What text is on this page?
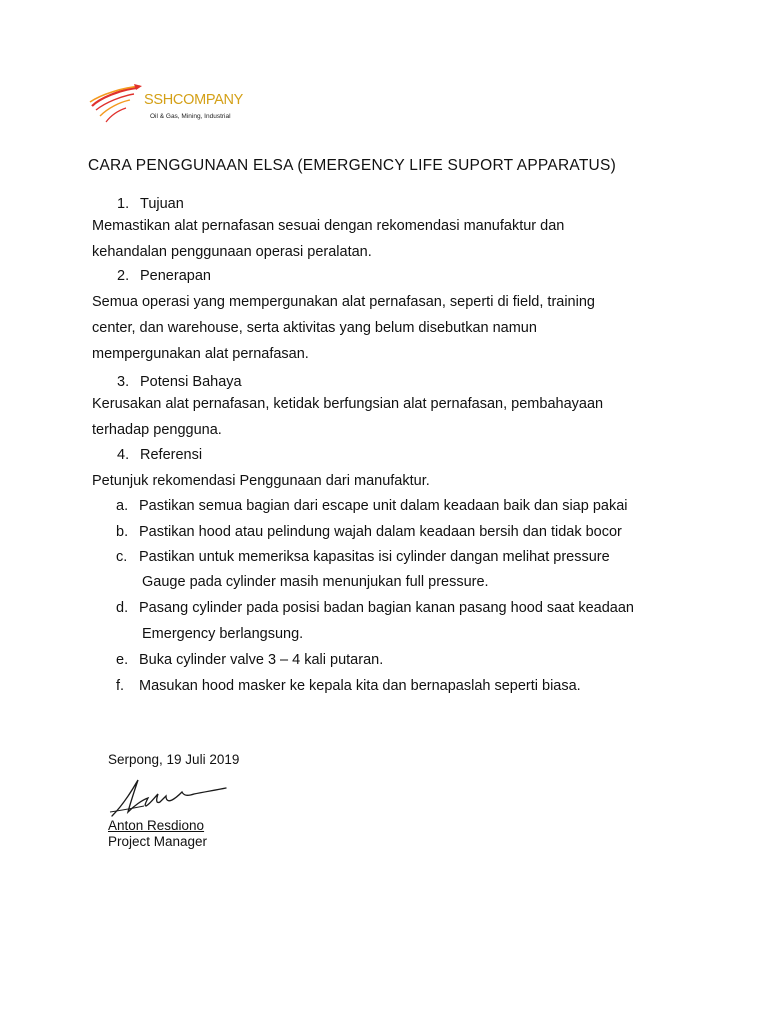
SSHCOMPANY
Oil & Gas, Mining, Industrial
CARA PENGGUNAAN ELSA (EMERGENCY LIFE SUPORT APPARATUS)
1. Tujuan
Memastikan alat pernafasan sesuai dengan rekomendasi manufaktur dan
kehandalan penggunaan operasi peralatan.
2. Penerapan
Semua operasi yang mempergunakan alat pernafasan, seperti di field, training
center, dan warehouse, serta aktivitas yang belum disebutkan namun
mempergunakan alat pernafasan.
3. Potensi Bahaya
Kerusakan alat pernafasan, ketidak berfungsian alat pernafasan, pembahayaan
terhadap pengguna.
4. Referensi
Petunjuk rekomendasi Penggunaan dari manufaktur.
a. Pastikan semua bagian dari escape unit dalam keadaan baik dan siap pakai
b. Pastikan hood atau pelindung wajah dalam keadaan bersih dan tidak bocor
c. Pastikan untuk memeriksa kapasitas isi cylinder dangan melihat pressure
Gauge pada cylinder masih menunjukan full pressure.
d. Pasang cylinder pada posisi badan bagian kanan pasang hood saat keadaan
Emergency berlangsung.
e. Buka cylinder valve 3 – 4 kali putaran.
f. Masukan hood masker ke kepala kita dan bernapaslah seperti biasa.
Serpong, 19 Juli 2019
Anton Resdiono
Project Manager
